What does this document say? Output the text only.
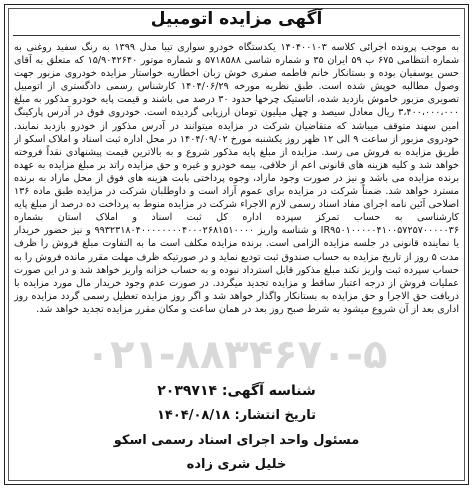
آگهی مزایده اتومبیل
به موجب پرونده اجرائی کلاسه ۱۴۰۴۰۰۱۰۳ یکدستگاه خودرو سواری تیبا مدل ۱۳۹۹ به رنگ سفید روغنی به شماره انتظامی ۶۷۵ ب ۵۹ ایران ۳۵ و شماره شاسی ۵۷۱۸۵۸۸ و شماره موتور ۱۵/۹۰۴۲۶۴۰ که متعلق به آقای حسن یوسفیان بوده و بستانکار خانم فاطمه صفری خوش زبان اخطاریه خواستار مزایده خودروی مزبور جهت وصول مطالبه خوپش شده است. طبق نظریه مورخه ۱۴۰۴/۰۶/۲۹ کارشناس رسمی دادگستری از اتومبیل تصویری مزبور خاموش بازدید شده، اتاستیک چرخها حدود ۳۰ درصد می باشند و قیمت پایه خودرو مذکور به مبلغ ۳،۴۰۰،۰۰۰،۰۰۰ ریال معادل سیصد و چهل میلیون تومان ارزیابی گردیده است. خودروی فوق در آدرس پارکینگ امین سهند متوقف میباشد که متقاضیان شرکت در مزایده میتوانند در آدرس مذکور از خودرو بازدید نمایند. خودروی مزبور از ساعت ۹ الی ۱۲ ظهر روز یکشنبه مورخ ۱۴۰۴/۰۹/۰۲ در محل اداره ثبت اسناد و املاک اسکو از طریق مزایده به فروش می رسد. مزایده از مبلغ پایه مذکور شروع و به بالاترین قیمت پیشنهادی نقداً فروخته خواهد شد و کلیه هزینه های قانونی اعم از خلافی، بیمه خودرو و غیره و حق مزایده راتد بر مبلغ مزایده به عهده برنده مزایده می باشد و نیز در صورت وجود مازاد، وجوه پرداختی بابت هزینه های فوق از محل مازاد به برنده مسترد خواهد شد. ضمناً شرکت در مزایده برای عموم آزاد است و داوطلبان شرکت در مزایده طبق ماده ۱۳۶ اصلاحی آئین نامه اجرای مفاد اسناد رسمی لازم الاجراء شرکت در مزایده منوط به پرداخت ده درصد از مبلغ پایه کارشناسی به حساب تمرکز سپرده اداره کل ثبت اسناد و املاک استان بشماره IR۹۵۰۱۰۰۰۰۰۴۱۰۰۵۷۲۵۷۰۰۰۰۰۳۶ و شناسه واریز ۹۹۳۲۳۱۸۰۴۰۰۰۰۰۰۰۰۴۰۰۰۲۶۸۱۵۱۰۰۰۰ و نیز حضور خریدار یا نماینده قانونی در جلسه مزایده الزامی است. برنده مزایده مکلف است ما به التفاوت مبلغ فروش را ظرف مدت ۵ روز از تاریخ مزایده به حساب صندوق ثبت تودیع نماید و در صورتیکه ظرف مهلت مقرر مانده فروش را به حساب سپرده ثبت واریز نکند مبلغ مذکور قابل استرداد نبوده و به حساب خزانه واریز خواهد شد و در این صورت عملیات فروش از درجه اعتبار ساقط و مزایده تجدید میگردد. در صورت عدم وجود خریدار مال مورد مزایده با دریافت حق الاجرا و حق مزایده به بستانکار واگذار خواهد شد و اگر روز مزایده تعطیل رسمی گردد مزایده روز اداری بعد از آن شروع میشود به شرط صبح روز بعد در همان ساعت و مکان مقرر مزایده تجدید خواهد شد.
۰۲۱-۸۸۳۴۶۷۰-۵
شناسه آگهی: ۲۰۳۹۷۱۴
تاریخ انتشار: ۱۴۰۴/۰۸/۱۸
مسئول واحد اجرای اسناد رسمی اسکو
خلیل شری زاده
